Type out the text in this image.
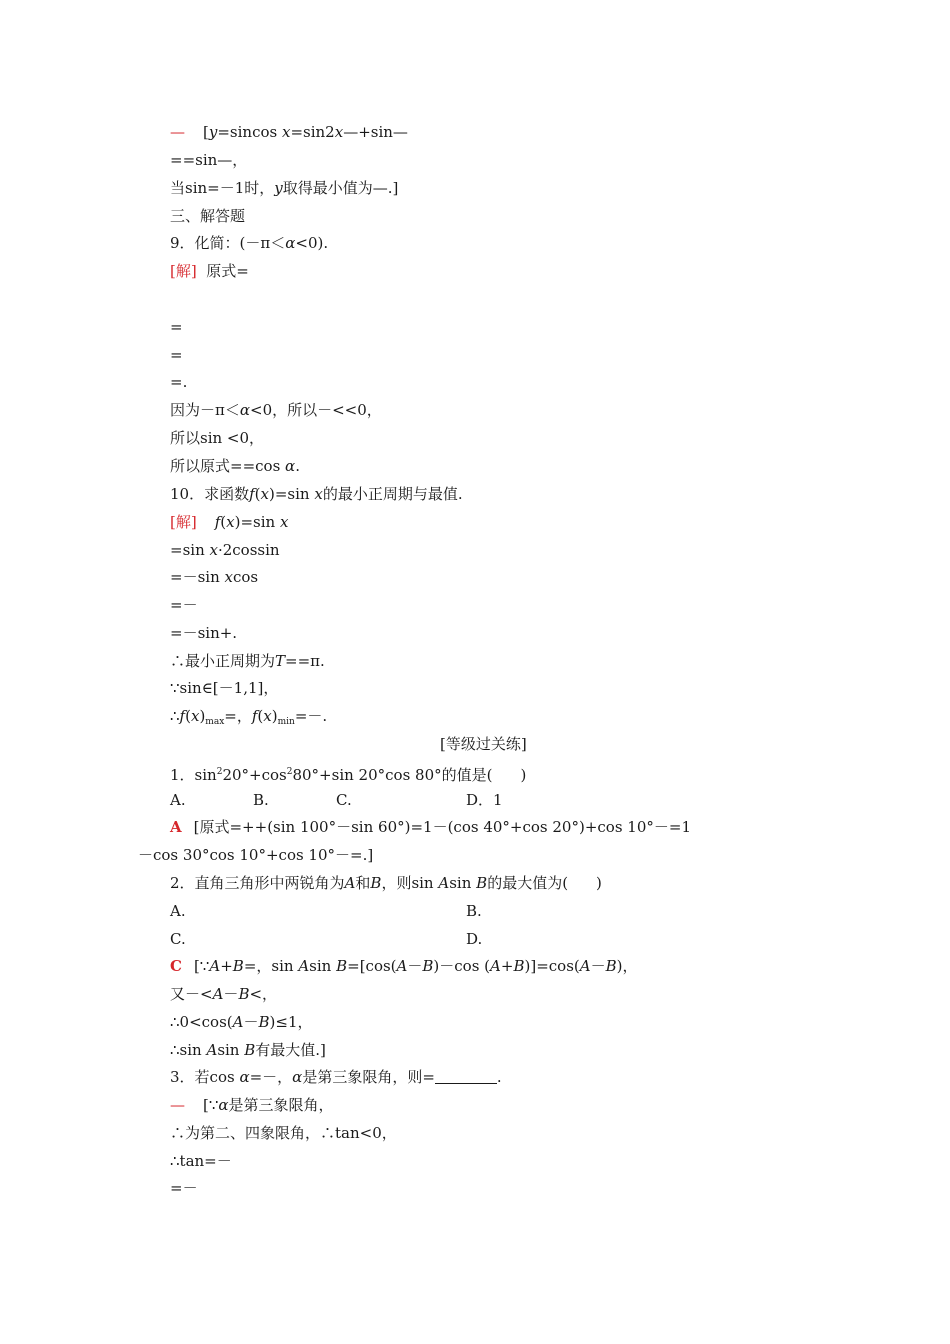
— [y=sincos x=sin2x—+sin—
==sin—，
当sin=－1时，y取得最小值为—.]
三、解答题
9．化简：(－π＜α<0).
[解]  原式=
=
=
=.
因为－π＜α<0，所以－<<0，
所以sin <0，
所以原式==cos α.
10．求函数f(x)=sin x的最小正周期与最值.
[解] f(x)=sin x
=sin x·2cossin
=－sin xcos
=－
=－sin+.
∴最小正周期为T==π.
∵sin∈[－1,1]，
$\therefore f(x)_{max}=$，$f(x)_{min}=-$.
[等级过关练]
1．$\sin^220^\circ+\cos^280^\circ+\sin$ 20°cos 80°的值是( )
A.	B.	C.	D．1
A [原式=++(sin 100°－sin 60°)=1－(cos 40°+cos 20°)+cos 10°－=1
－cos 30°cos 10°+cos 10°－=.]
2．直角三角形中两锐角为A和B，则sin Asin B的最大值为( )
A.	B.
C.	D.
C [∵A+B=，sin Asin B=[cos(A－B)－cos (A+B)]=cos(A－B)，
又－<A－B<，
∴0<cos(A－B)≤1，
∴sin Asin B有最大值.]
3．若cos α=－，α是第三象限角，则=	.
— [∵α是第三象限角，
∴为第二、四象限角，∴tan<0，
∴tan=－
=－
